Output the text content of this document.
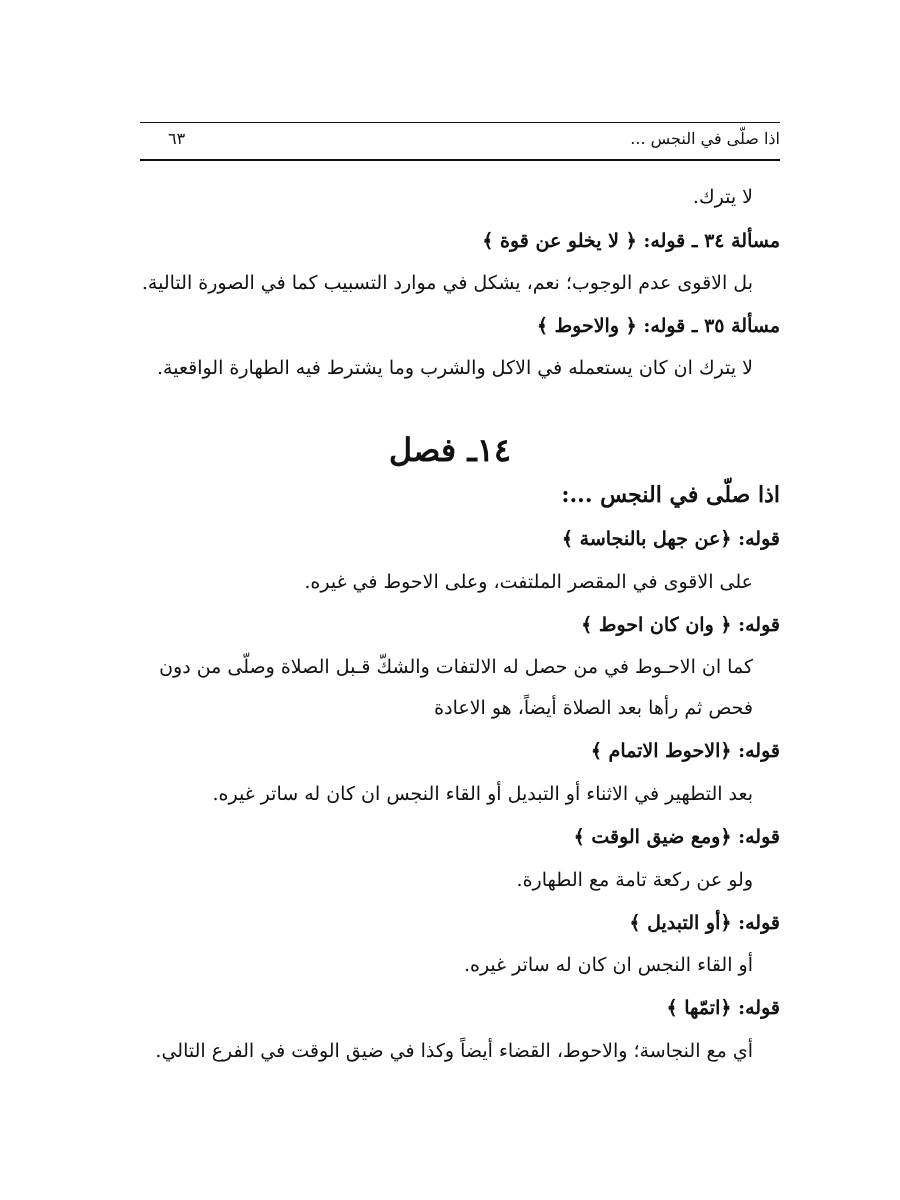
اذا صلّى في النجس ...
٦٣
لا يترك.
مسألة ٣٤ ـ قوله: ﴿ لا يخلو عن قوة ﴾
بل الاقوى عدم الوجوب؛ نعم، يشكل في موارد التسبيب كما في الصورة التالية.
مسألة ٣٥ ـ قوله: ﴿ والاحوط ﴾
لا يترك ان كان يستعمله في الاكل والشرب وما يشترط فيه الطهارة الواقعية.
١٤ـ فصل
اذا صلّى في النجس ...:
قوله: ﴿عن جهل بالنجاسة ﴾
على الاقوى في المقصر الملتفت، وعلى الاحوط في غيره.
قوله: ﴿ وان كان احوط ﴾
كما ان الاحـوط في من حصل له الالتفات والشكّ قـبل الصلاة وصلّى من دون
فحص ثم رأها بعد الصلاة أيضاً، هو الاعادة
قوله: ﴿الاحوط الاتمام ﴾
بعد التطهير في الاثناء أو التبديل أو القاء النجس ان كان له ساتر غيره.
قوله: ﴿ومع ضيق الوقت ﴾
ولو عن ركعة تامة مع الطهارة.
قوله: ﴿أو التبديل ﴾
أو القاء النجس ان كان له ساتر غيره.
قوله: ﴿اتمّها ﴾
أي مع النجاسة؛ والاحوط، القضاء أيضاً وكذا في ضيق الوقت في الفرع التالي.
